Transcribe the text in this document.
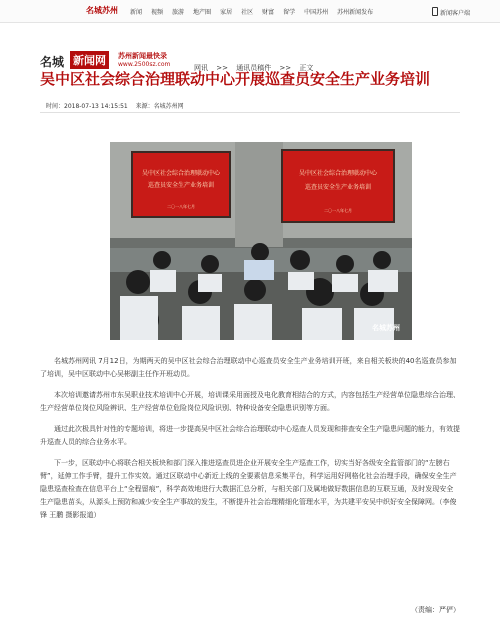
名城苏州 新闻 视频 旅游 地产圈 家居 社区 财富 留学 中国苏州 苏州新闻发布	新闻客户端
名城 新闻网	苏州新闻最快录
www.2500sz.com	网讯 >> 通讯员稿件 >> 正文
吴中区社会综合治理联动中心开展巡查员安全生产业务培训
时间：2018-07-13 14:15:51 来源：名城苏州网
吴中区社会综合治理联动中心
巡查员安全生产业务培训
二〇一八年七月
吴中区社会综合治理联动中心
巡查员安全生产业务培训
二〇一八年七月
名城苏州

名城苏州网讯 7月12日，为期两天的吴中区社会综合治理联动中心巡查员安全生产业务培训开班，来自相关板块的40名巡查员参加了培训，吴中区联动中心吴彬副主任作开班动员。

本次培训邀请苏州市东吴职业技术培训中心开展，培训课采用面授及电化教育相结合的方式，内容包括生产经营单位隐患综合治理、生产经营单位岗位风险辨识、生产经营单位危险岗位风险识别、特种设备安全隐患识别等方面。

通过此次极具针对性的专题培训，将进一步提高吴中区社会综合治理联动中心巡查人员发现和排查安全生产隐患问题的能力，有效提升巡查人员的综合业务水平。

下一步，区联动中心将联合相关板块和部门深入推进巡查员进企业开展安全生产巡查工作，切实当好各级安全监管部门的“左膀右臂”，延伸工作手臂，提升工作实效。通过区联动中心新近上线的全要素信息采集平台，科学运用好网格化社会治理手段，确保安全生产隐患巡查检查在信息平台上“全程留痕”，科学高效地进行大数据汇总分析，与相关部门及属地做好数据信息的互联互通，及时发现安全生产隐患苗头，从源头上预防和减少安全生产事故的发生，不断提升社会治理精细化管理水平，为共建平安吴中织好安全保障网。（李俊锋 王鹏 摄影报道）

（责编：严俨）
